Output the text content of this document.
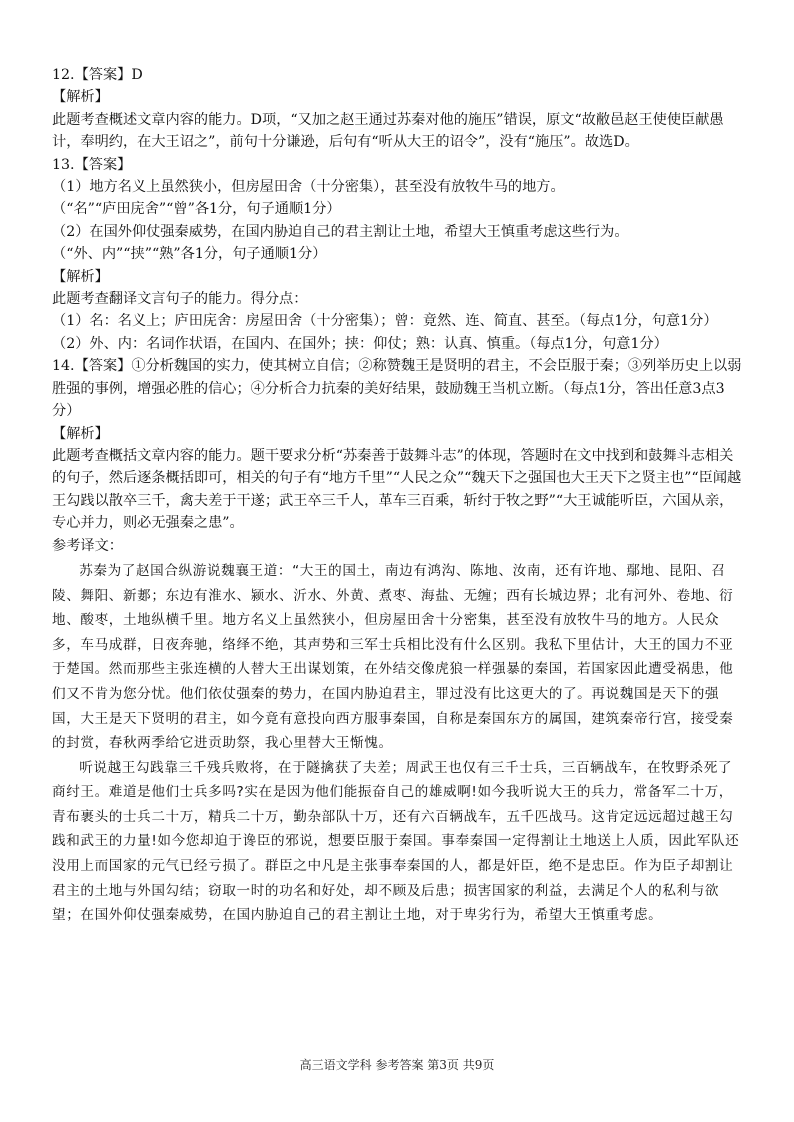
12.【答案】D

【解析】

此题考查概述文章内容的能力。D项，“又加之赵王通过苏秦对他的施压”错误，原文“故敝邑赵王使使臣献愚计，奉明约，在大王诏之”，前句十分谦逊，后句有“听从大王的诏令”，没有“施压”。故选D。

13.【答案】

（1）地方名义上虽然狭小，但房屋田舍（十分密集），甚至没有放牧牛马的地方。

（“名”“庐田庑舍”“曾”各1分，句子通顺1分）

（2）在国外仰仗强秦威势，在国内胁迫自己的君主割让土地，希望大王慎重考虑这些行为。

（“外、内”“挟”“熟”各1分，句子通顺1分）

【解析】

此题考查翻译文言句子的能力。得分点：

（1）名：名义上；庐田庑舍：房屋田舍（十分密集）；曾：竟然、连、简直、甚至。（每点1分，句意1分）

（2）外、内：名词作状语，在国内、在国外；挟：仰仗；熟：认真、慎重。（每点1分，句意1分）

14.【答案】①分析魏国的实力，使其树立自信；②称赞魏王是贤明的君主，不会臣服于秦；③列举历史上以弱胜强的事例，增强必胜的信心；④分析合力抗秦的美好结果，鼓励魏王当机立断。（每点1分，答出任意3点3分）

【解析】

此题考查概括文章内容的能力。题干要求分析“苏秦善于鼓舞斗志”的体现，答题时在文中找到和鼓舞斗志相关的句子，然后逐条概括即可，相关的句子有“地方千里”“人民之众”“魏天下之强国也大王天下之贤主也”“臣闻越王勾践以散卒三千，禽夫差于干遂；武王卒三千人，革车三百乘，斩纣于牧之野”“大王诚能听臣，六国从亲，专心并力，则必无强秦之患”。

参考译文：

苏秦为了赵国合纵游说魏襄王道：“大王的国土，南边有鸿沟、陈地、汝南，还有许地、鄢地、昆阳、召陵、舞阳、新郪；东边有淮水、颍水、沂水、外黄、煮枣、海盐、无缠；西有长城边界；北有河外、卷地、衍地、酸枣，土地纵横千里。地方名义上虽然狭小，但房屋田舍十分密集，甚至没有放牧牛马的地方。人民众多，车马成群，日夜奔驰，络绎不绝，其声势和三军士兵相比没有什么区别。我私下里估计，大王的国力不亚于楚国。然而那些主张连横的人替大王出谋划策，在外结交像虎狼一样强暴的秦国，若国家因此遭受祸患，他们又不肯为您分忧。他们依仗强秦的势力，在国内胁迫君主，罪过没有比这更大的了。再说魏国是天下的强国，大王是天下贤明的君主，如今竟有意投向西方服事秦国，自称是秦国东方的属国，建筑秦帝行宫，接受秦的封赏，春秋两季给它进贡助祭，我心里替大王惭愧。

听说越王勾践靠三千残兵败将，在于隧擒获了夫差；周武王也仅有三千士兵，三百辆战车，在牧野杀死了商纣王。难道是他们士兵多吗?实在是因为他们能振奋自己的雄威啊!如今我听说大王的兵力，常备军二十万，青布裹头的士兵二十万，精兵二十万，勤杂部队十万，还有六百辆战车，五千匹战马。这肯定远远超过越王勾践和武王的力量!如今您却迫于谗臣的邪说，想要臣服于秦国。事奉秦国一定得割让土地送上人质，因此军队还没用上而国家的元气已经亏损了。群臣之中凡是主张事奉秦国的人，都是奸臣，绝不是忠臣。作为臣子却割让君主的土地与外国勾结；窃取一时的功名和好处，却不顾及后患；损害国家的利益，去满足个人的私利与欲望；在国外仰仗强秦威势，在国内胁迫自己的君主割让土地，对于卑劣行为，希望大王慎重考虑。

高三语文学科 参考答案 第3页 共9页
